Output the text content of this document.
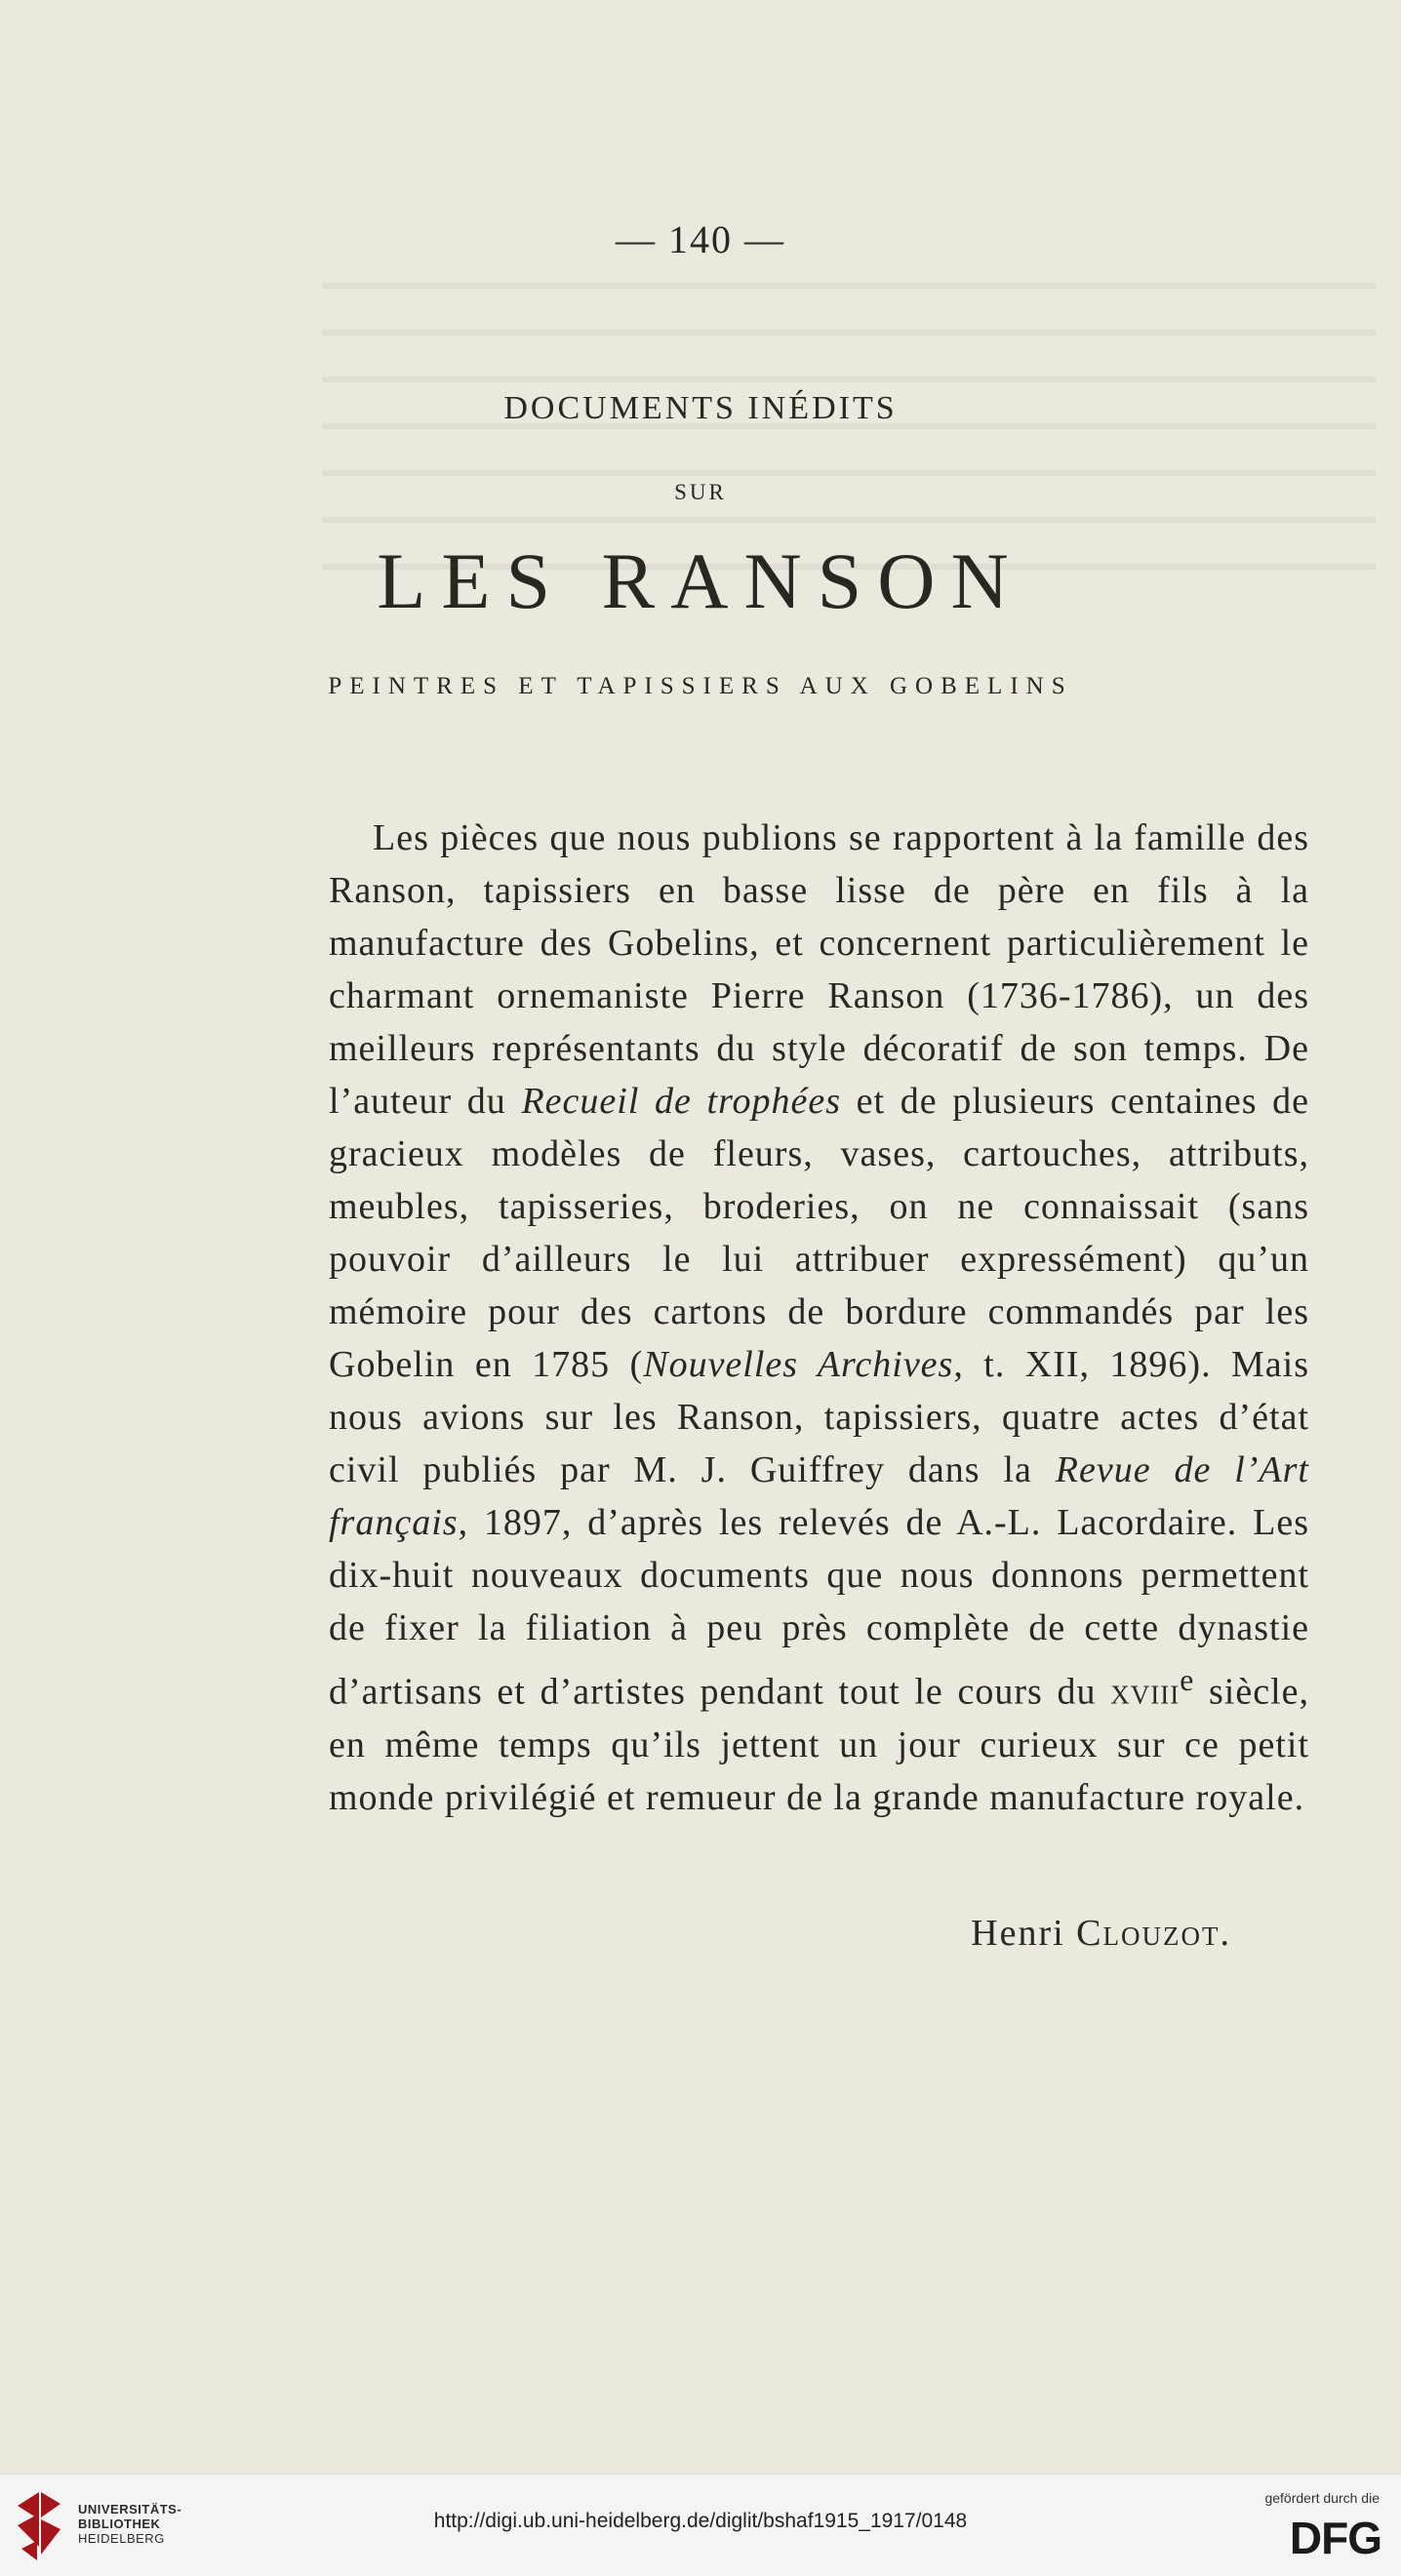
— 140 —
DOCUMENTS INÉDITS
SUR
LES RANSON
PEINTRES ET TAPISSIERS AUX GOBELINS

Les pièces que nous publions se rapportent à la famille des Ranson, tapissiers en basse lisse de père en fils à la manufacture des Gobelins, et concernent particulièrement le charmant ornemaniste Pierre Ranson (1736-1786), un des meilleurs représentants du style décoratif de son temps. De l’auteur du Recueil de trophées et de plusieurs centaines de gracieux modèles de fleurs, vases, cartouches, attributs, meubles, tapisseries, broderies, on ne connaissait (sans pouvoir d’ailleurs le lui attribuer expressément) qu’un mémoire pour des cartons de bordure commandés par les Gobelin en 1785 (Nouvelles Archives, t. XII, 1896). Mais nous avions sur les Ranson, tapissiers, quatre actes d’état civil publiés par M. J. Guiffrey dans la Revue de l’Art français, 1897, d’après les relevés de A.-L. Lacordaire. Les dix-huit nouveaux documents que nous donnons permettent de fixer la filiation à peu près complète de cette dynastie d’artisans et d’artistes pendant tout le cours du xviii$^e$ siècle, en même temps qu’ils jettent un jour curieux sur ce petit monde privilégié et remueur de la grande manufacture royale.

Henri Clouzot.
UNIVERSITÄTS-
BIBLIOTHEK
HEIDELBERG
http://digi.ub.uni-heidelberg.de/diglit/bshaf1915_1917/0148
gefördert durch die
DFG
